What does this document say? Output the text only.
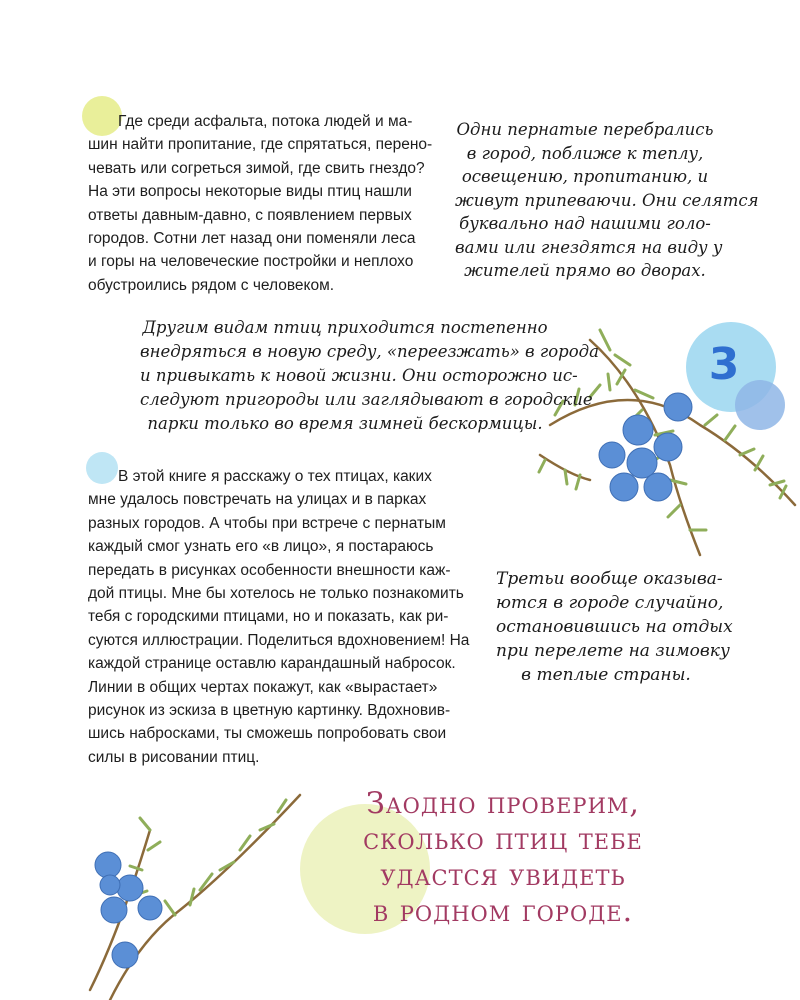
Где среди асфальта, потока людей и ма-
шин найти пропитание, где спрятаться, перено-
чевать или согреться зимой, где свить гнездо?
На эти вопросы некоторые виды птиц нашли
ответы давным-давно, с появлением первых
городов. Сотни лет назад они поменяли леса
и горы на человеческие постройки и неплохо
обустроились рядом с человеком.

Одни пернатые перебрались
в город, поближе к теплу,
освещению, пропитанию, и
живут припеваючи. Они селятся
буквально над нашими голо-
вами или гнездятся на виду у
жителей прямо во дворах.

Другим видам птиц приходится постепенно
внедряться в новую среду, «переезжать» в города
и привыкать к новой жизни. Они осторожно ис-
следуют пригороды или заглядывают в городские
парки только во время зимней бескормицы.

3

В этой книге я расскажу о тех птицах, каких
мне удалось повстречать на улицах и в парках
разных городов. А чтобы при встрече с пернатым
каждый смог узнать его «в лицо», я постараюсь
передать в рисунках особенности внешности каж-
дой птицы. Мне бы хотелось не только познакомить
тебя с городскими птицами, но и показать, как ри-
суются иллюстрации. Поделиться вдохновением! На
каждой странице оставлю карандашный набросок.
Линии в общих чертах покажут, как «вырастает»
рисунок из эскиза в цветную картинку. Вдохновив-
шись набросками, ты сможешь попробовать свои
силы в рисовании птиц.

Третьи вообще оказыва-
ются в городе случайно,
остановившись на отдых
при перелете на зимовку
в теплые страны.

Заодно проверим,
сколько птиц тебе
удастся увидеть
в родном городе.
